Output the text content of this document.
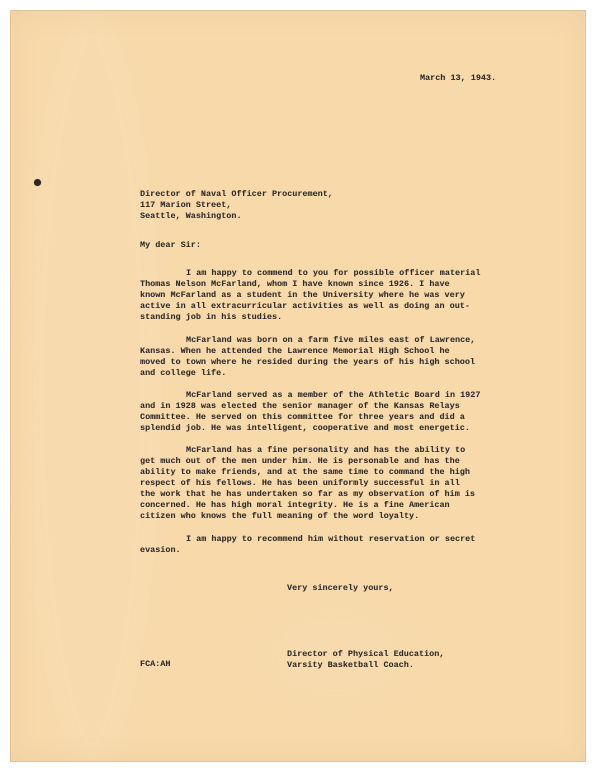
March 13, 1943.
Director of Naval Officer Procurement,
117 Marion Street,
Seattle, Washington.
My dear Sir:
I am happy to commend to you for possible officer material
Thomas Nelson McFarland, whom I have known since 1926. I have
known McFarland as a student in the University where he was very
active in all extracurricular activities as well as doing an out-
standing job in his studies.
McFarland was born on a farm five miles east of Lawrence,
Kansas. When he attended the Lawrence Memorial High School he
moved to town where he resided during the years of his high school
and college life.
McFarland served as a member of the Athletic Board in 1927
and in 1928 was elected the senior manager of the Kansas Relays
Committee. He served on this committee for three years and did a
splendid job. He was intelligent, cooperative and most energetic.
McFarland has a fine personality and has the ability to
get much out of the men under him. He is personable and has the
ability to make friends, and at the same time to command the high
respect of his fellows. He has been uniformly successful in all
the work that he has undertaken so far as my observation of him is
concerned. He has high moral integrity. He is a fine American
citizen who knows the full meaning of the word loyalty.
I am happy to recommend him without reservation or secret
evasion.
Very sincerely yours,
FCA:AH
Director of Physical Education,
Varsity Basketball Coach.
